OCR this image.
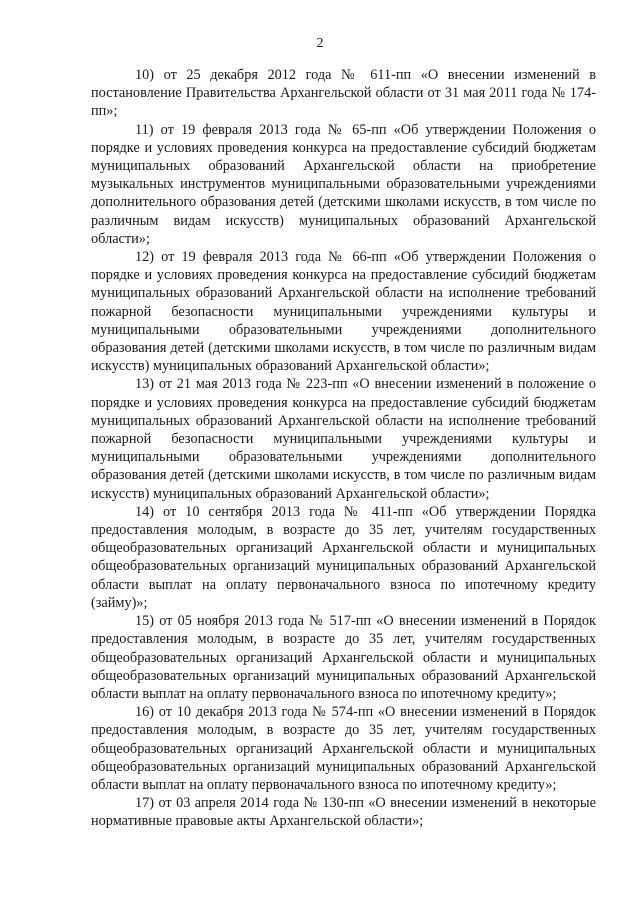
2

10) от 25 декабря 2012 года № 611-пп «О внесении изменений в постановление Правительства Архангельской области от 31 мая 2011 года № 174-пп»;

11) от 19 февраля 2013 года № 65-пп «Об утверждении Положения о порядке и условиях проведения конкурса на предоставление субсидий бюджетам муниципальных образований Архангельской области на приобретение музыкальных инструментов муниципальными образовательными учреждениями дополнительного образования детей (детскими школами искусств, в том числе по различным видам искусств) муниципальных образований Архангельской области»;

12) от 19 февраля 2013 года № 66-пп «Об утверждении Положения о порядке и условиях проведения конкурса на предоставление субсидий бюджетам муниципальных образований Архангельской области на исполнение требований пожарной безопасности муниципальными учреждениями культуры и муниципальными образовательными учреждениями дополнительного образования детей (детскими школами искусств, в том числе по различным видам искусств) муниципальных образований Архангельской области»;

13) от 21 мая 2013 года № 223-пп «О внесении изменений в положение о порядке и условиях проведения конкурса на предоставление субсидий бюджетам муниципальных образований Архангельской области на исполнение требований пожарной безопасности муниципальными учреждениями культуры и муниципальными образовательными учреждениями дополнительного образования детей (детскими школами искусств, в том числе по различным видам искусств) муниципальных образований Архангельской области»;

14) от 10 сентября 2013 года № 411-пп «Об утверждении Порядка предоставления молодым, в возрасте до 35 лет, учителям государственных общеобразовательных организаций Архангельской области и муниципальных общеобразовательных организаций муниципальных образований Архангельской области выплат на оплату первоначального взноса по ипотечному кредиту (займу)»;

15) от 05 ноября 2013 года № 517-пп «О внесении изменений в Порядок предоставления молодым, в возрасте до 35 лет, учителям государственных общеобразовательных организаций Архангельской области и муниципальных общеобразовательных организаций муниципальных образований Архангельской области выплат на оплату первоначального взноса по ипотечному кредиту»;

16) от 10 декабря 2013 года № 574-пп «О внесении изменений в Порядок предоставления молодым, в возрасте до 35 лет, учителям государственных общеобразовательных организаций Архангельской области и муниципальных общеобразовательных организаций муниципальных образований Архангельской области выплат на оплату первоначального взноса по ипотечному кредиту»;

17) от 03 апреля 2014 года № 130-пп «О внесении изменений в некоторые нормативные правовые акты Архангельской области»;
